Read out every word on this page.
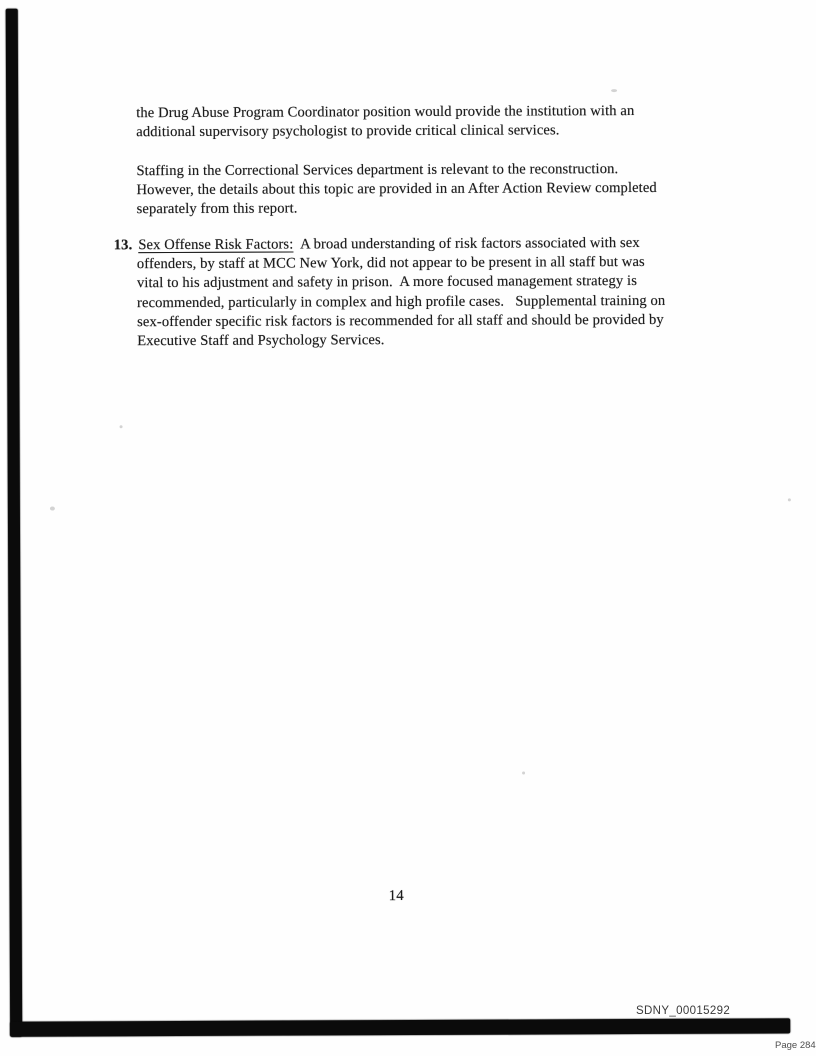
the Drug Abuse Program Coordinator position would provide the institution with an
additional supervisory psychologist to provide critical clinical services.
Staffing in the Correctional Services department is relevant to the reconstruction.
However, the details about this topic are provided in an After Action Review completed
separately from this report.
13. Sex Offense Risk Factors:  A broad understanding of risk factors associated with sex
offenders, by staff at MCC New York, did not appear to be present in all staff but was
vital to his adjustment and safety in prison.  A more focused management strategy is
recommended, particularly in complex and high profile cases.   Supplemental training on
sex-offender specific risk factors is recommended for all staff and should be provided by
Executive Staff and Psychology Services.
14
SDNY_00015292
Page 284
